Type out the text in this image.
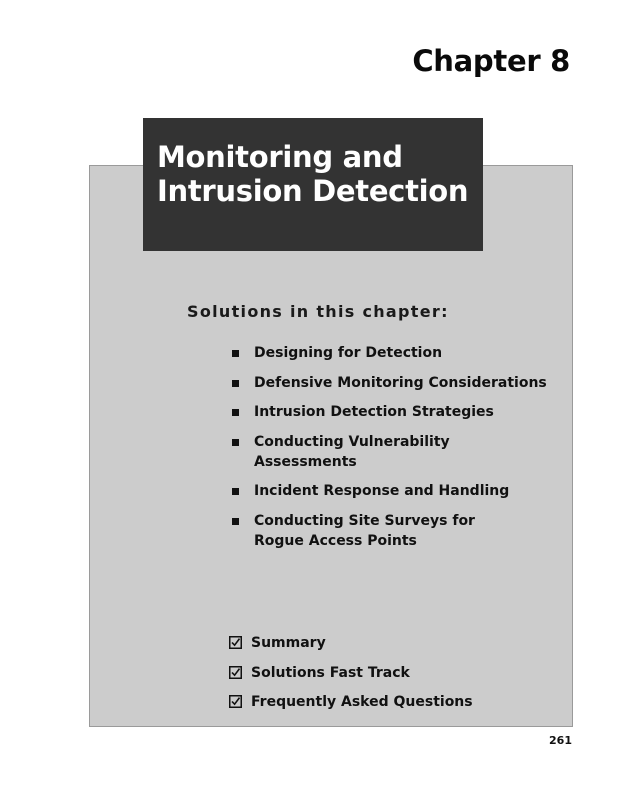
Chapter 8
Monitoring and
Intrusion Detection
Solutions in this chapter:
Designing for Detection
Defensive Monitoring Considerations
Intrusion Detection Strategies
Conducting Vulnerability Assessments
Incident Response and Handling
Conducting Site Surveys for Rogue Access Points
Summary
Solutions Fast Track
Frequently Asked Questions
261
